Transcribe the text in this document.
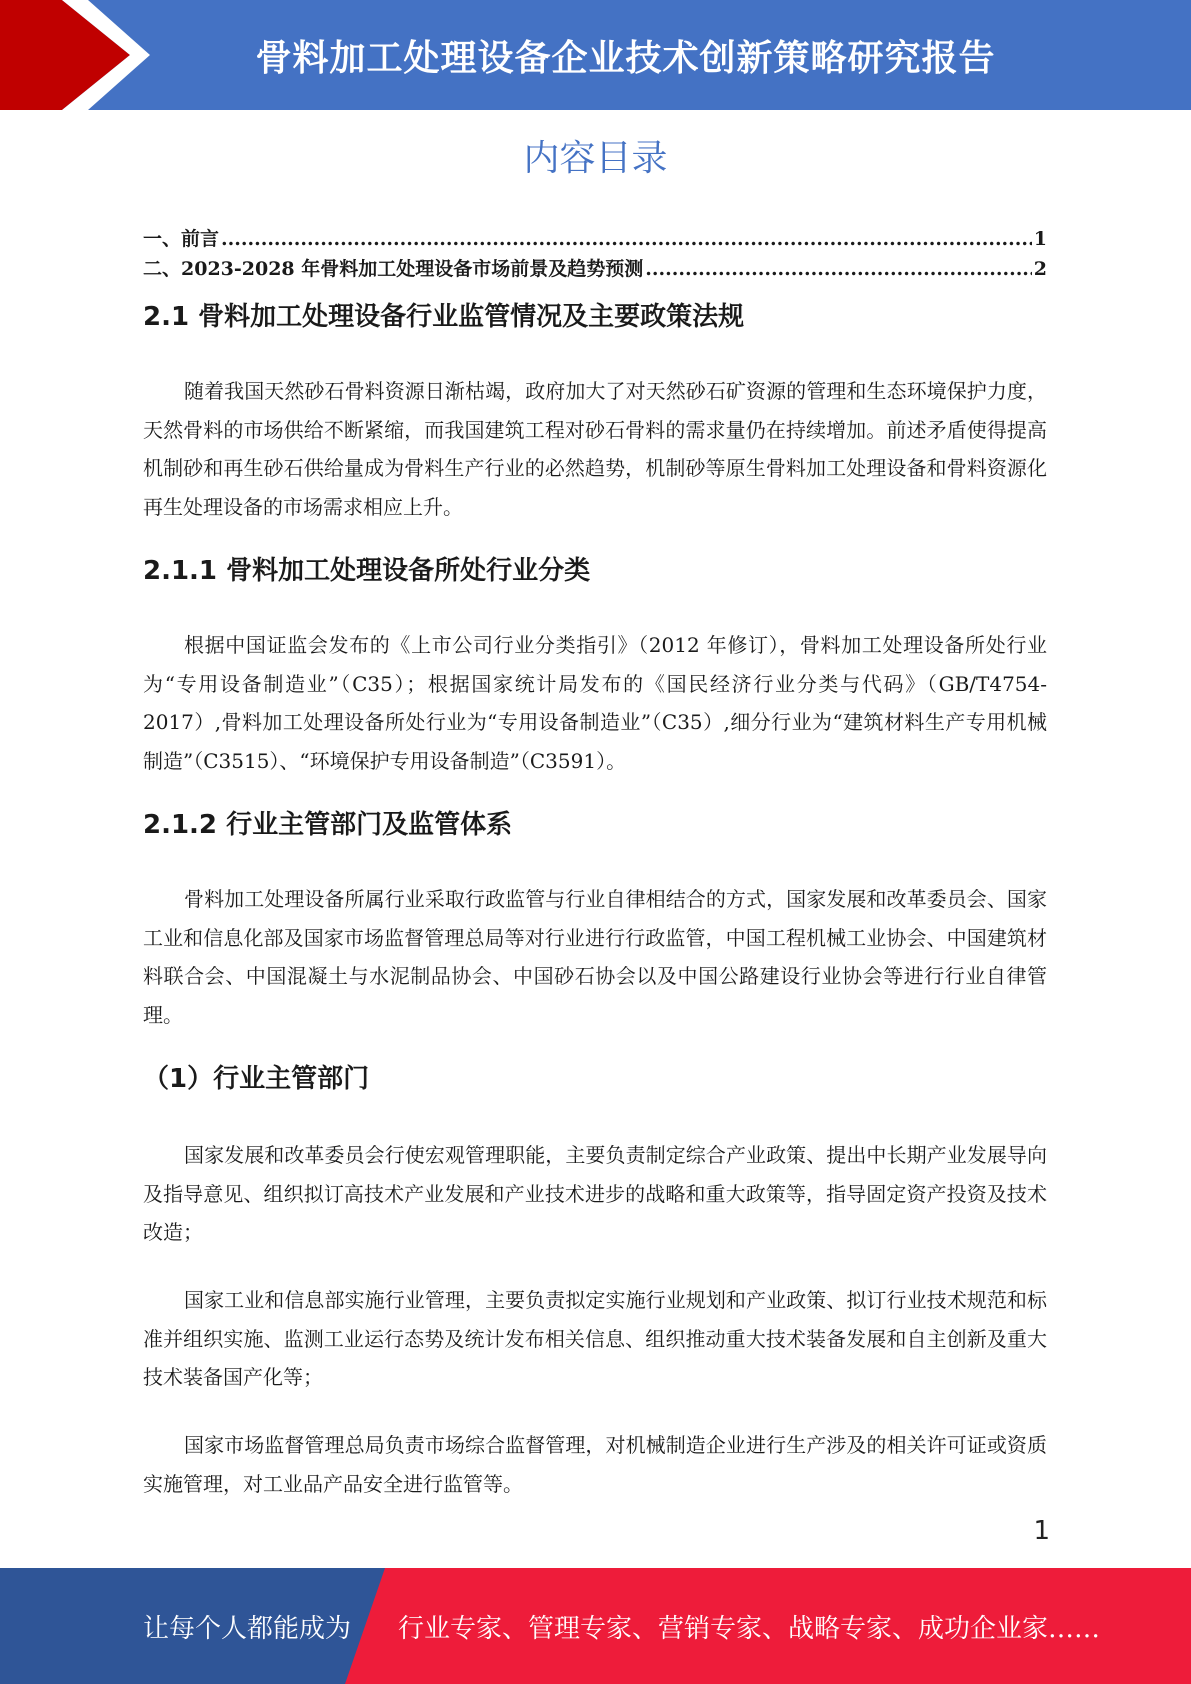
骨料加工处理设备企业技术创新策略研究报告
内容目录
一、前言 .....	1
二、2023-2028 年骨料加工处理设备市场前景及趋势预测 .....	2
2.1 骨料加工处理设备行业监管情况及主要政策法规

随着我国天然砂石骨料资源日渐枯竭，政府加大了对天然砂石矿资源的管理和生态环境保护力度，天然骨料的市场供给不断紧缩，而我国建筑工程对砂石骨料的需求量仍在持续增加。前述矛盾使得提高机制砂和再生砂石供给量成为骨料生产行业的必然趋势，机制砂等原生骨料加工处理设备和骨料资源化再生处理设备的市场需求相应上升。

2.1.1 骨料加工处理设备所处行业分类

根据中国证监会发布的《上市公司行业分类指引》（2012 年修订），骨料加工处理设备所处行业为“专用设备制造业”（C35）；根据国家统计局发布的《国民经济行业分类与代码》（GB/T4754-2017）,骨料加工处理设备所处行业为“专用设备制造业”（C35）,细分行业为“建筑材料生产专用机械制造”（C3515）、“环境保护专用设备制造”（C3591）。

2.1.2 行业主管部门及监管体系

骨料加工处理设备所属行业采取行政监管与行业自律相结合的方式，国家发展和改革委员会、国家工业和信息化部及国家市场监督管理总局等对行业进行行政监管，中国工程机械工业协会、中国建筑材料联合会、中国混凝土与水泥制品协会、中国砂石协会以及中国公路建设行业协会等进行行业自律管理。

（1）行业主管部门

国家发展和改革委员会行使宏观管理职能，主要负责制定综合产业政策、提出中长期产业发展导向及指导意见、组织拟订高技术产业发展和产业技术进步的战略和重大政策等，指导固定资产投资及技术改造；

国家工业和信息部实施行业管理，主要负责拟定实施行业规划和产业政策、拟订行业技术规范和标准并组织实施、监测工业运行态势及统计发布相关信息、组织推动重大技术装备发展和自主创新及重大技术装备国产化等；

国家市场监督管理总局负责市场综合监督管理，对机械制造企业进行生产涉及的相关许可证或资质实施管理，对工业品产品安全进行监管等。

1
让每个人都能成为 行业专家、管理专家、营销专家、战略专家、成功企业家……
